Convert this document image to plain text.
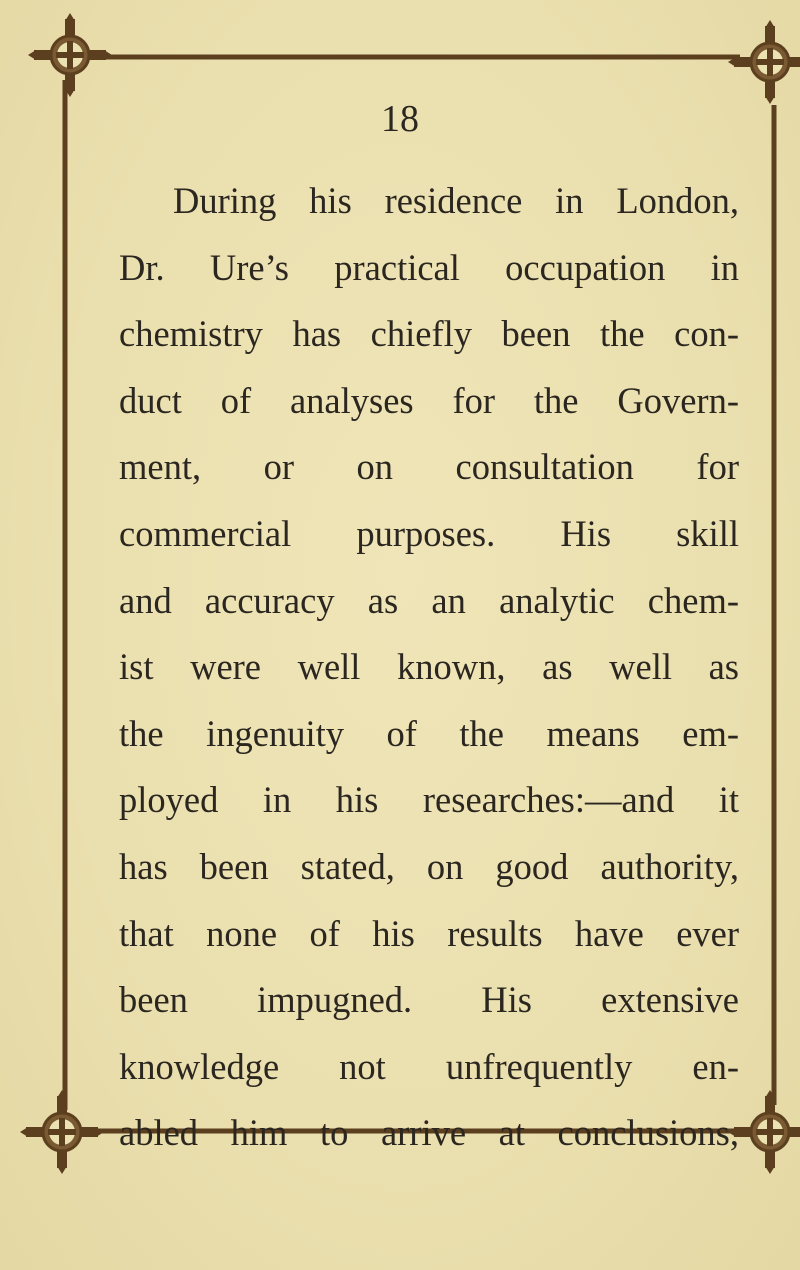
18
During his residence in London,
Dr. Ure’s practical occupation in
chemistry has chiefly been the con-
duct of analyses for the Govern-
ment, or on consultation for
commercial purposes. His skill
and accuracy as an analytic chem-
ist were well known, as well as
the ingenuity of the means em-
ployed in his researches:—and it
has been stated, on good authority,
that none of his results have ever
been impugned. His extensive
knowledge not unfrequently en-
abled him to arrive at conclusions,
